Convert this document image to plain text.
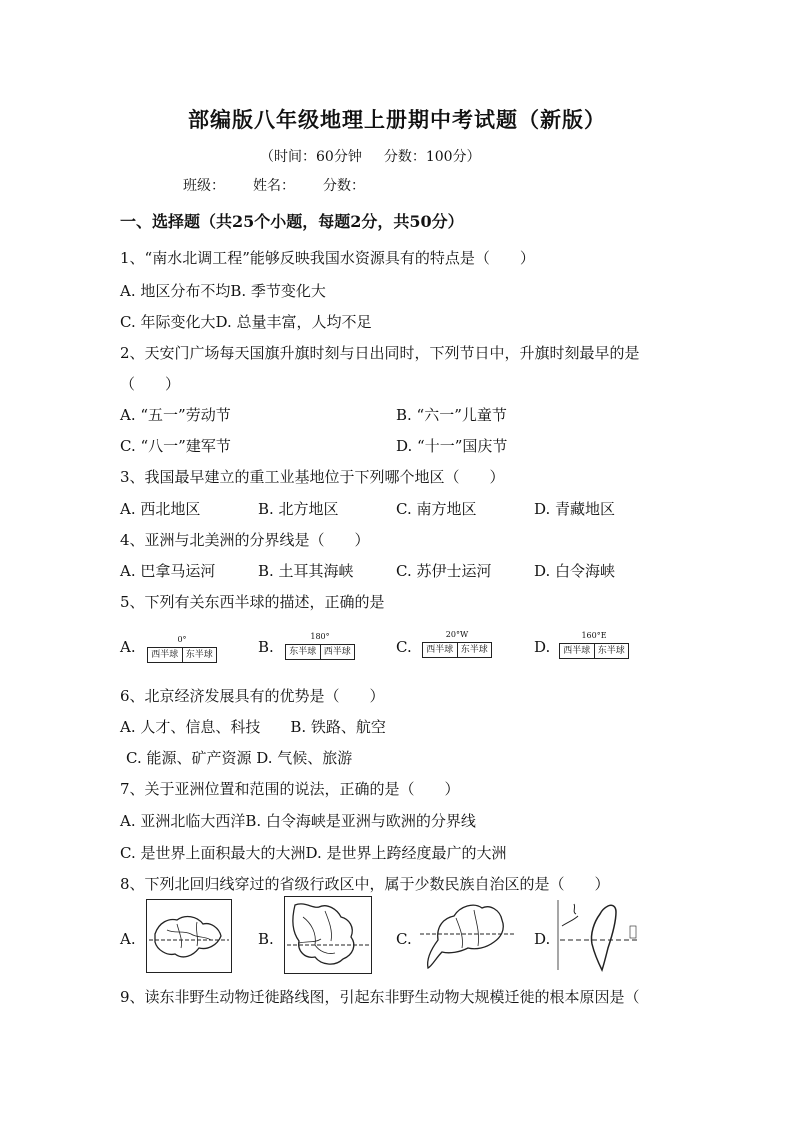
部编版八年级地理上册期中考试题（新版）
（时间：60分钟 分数：100分）
班级： 姓名： 分数：
一、选择题（共25个小题，每题2分，共50分）
1、“南水北调工程”能够反映我国水资源具有的特点是（　　）
A. 地区分布不均B. 季节变化大
C. 年际变化大D. 总量丰富，人均不足
2、天安门广场每天国旗升旗时刻与日出同时，下列节日中，升旗时刻最早的是
（　　）
A. “五一”劳动节	B. “六一”儿童节
C. “八一”建军节	D. “十一”国庆节
3、我国最早建立的重工业基地位于下列哪个地区（　　）
A. 西北地区	B. 北方地区	C. 南方地区	D. 青藏地区
4、亚洲与北美洲的分界线是（　　）
A. 巴拿马运河	B. 土耳其海峡	C. 苏伊士运河	D. 白令海峡
5、下列有关东西半球的描述，正确的是
A.	B.	C.	D.
0°
西半球 东半球
180°
东半球 西半球
20°W
西半球 东半球
160°E
西半球 东半球
6、北京经济发展具有的优势是（　　）
A. 人才、信息、科技　　B. 铁路、航空
C. 能源、矿产资源 D. 气候、旅游
7、关于亚洲位置和范围的说法，正确的是（　　）
A. 亚洲北临大西洋B. 白令海峡是亚洲与欧洲的分界线
C. 是世界上面积最大的大洲D. 是世界上跨经度最广的大洲
8、下列北回归线穿过的省级行政区中，属于少数民族自治区的是（　　）
A.	B.	C.	D.
9、读东非野生动物迁徙路线图，引起东非野生动物大规模迁徙的根本原因是（
